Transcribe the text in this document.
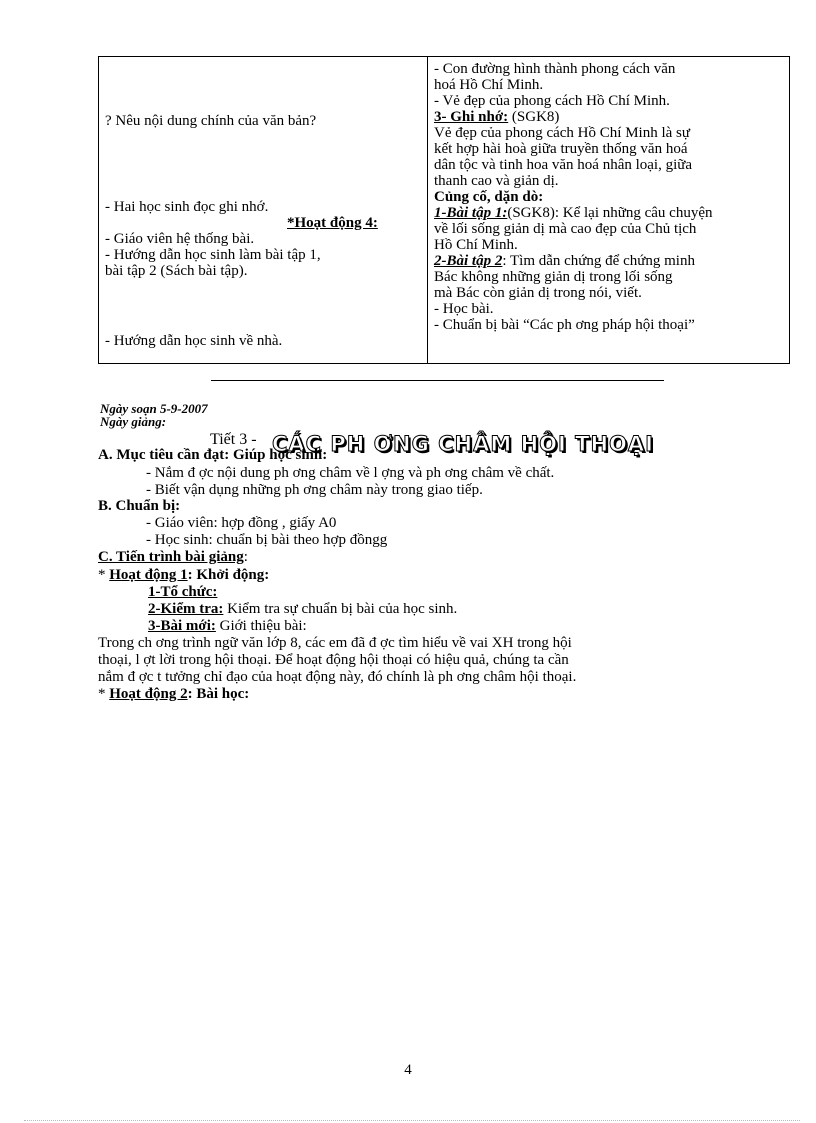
? Nêu nội dung chính của văn bản?
- Hai học sinh đọc ghi nhớ.
*Hoạt động 4:
- Giáo viên hệ thống bài.
- Hướng dẫn học sinh làm bài tập 1,
bài tập 2 (Sách bài tập).
- Hướng dẫn học sinh về nhà.

- Con đường hình thành phong cách văn
hoá Hồ Chí Minh.
- Vẻ đẹp của phong cách Hồ Chí Minh.
3- Ghi nhớ: (SGK8)
Vẻ đẹp của phong cách Hồ Chí Minh là sự
kết hợp hài hoà giữa truyền thống văn hoá
dân tộc và tinh hoa văn hoá nhân loại, giữa
thanh cao và giản dị.
Củng cố, dặn dò:
1-Bài tập 1:(SGK8): Kể lại những câu chuyện
về lối sống giản dị mà cao đẹp của Chủ tịch
Hồ Chí Minh.
2-Bài tập 2: Tìm dẫn chứng để chứng minh
Bác không những giản dị trong lối sống
mà Bác còn giản dị trong nói, viết.
- Học bài.
- Chuẩn bị bài “Các ph ơng pháp hội thoại”
Ngày soạn 5-9-2007
Ngày giảng:
Tiết 3 - CÁC PH ƠNG CHÂM HỘI THOẠI
A. Mục tiêu cần đạt: Giúp học sinh:
- Nắm đ ợc nội dung ph ơng châm về l ợng và ph ơng châm về chất.
- Biết vận dụng những ph ơng châm này trong giao tiếp.
B. Chuẩn bị:
- Giáo viên: hợp đồng , giấy A0
- Học sinh: chuẩn bị bài theo hợp đồngg
C. Tiến trình bài giảng:
* Hoạt động 1: Khởi động:
1-Tổ chức:
2-Kiểm tra: Kiểm tra sự chuẩn bị bài của học sinh.
3-Bài mới: Giới thiệu bài:
Trong ch ơng trình ngữ văn lớp 8, các em đã đ ợc tìm hiểu về vai XH trong hội
thoại, l ợt lời trong hội thoại. Để hoạt động hội thoại có hiệu quả, chúng ta cần
nắm đ ợc t tưởng chỉ đạo của hoạt động này, đó chính là ph ơng châm hội thoại.
* Hoạt động 2: Bài học:
4
